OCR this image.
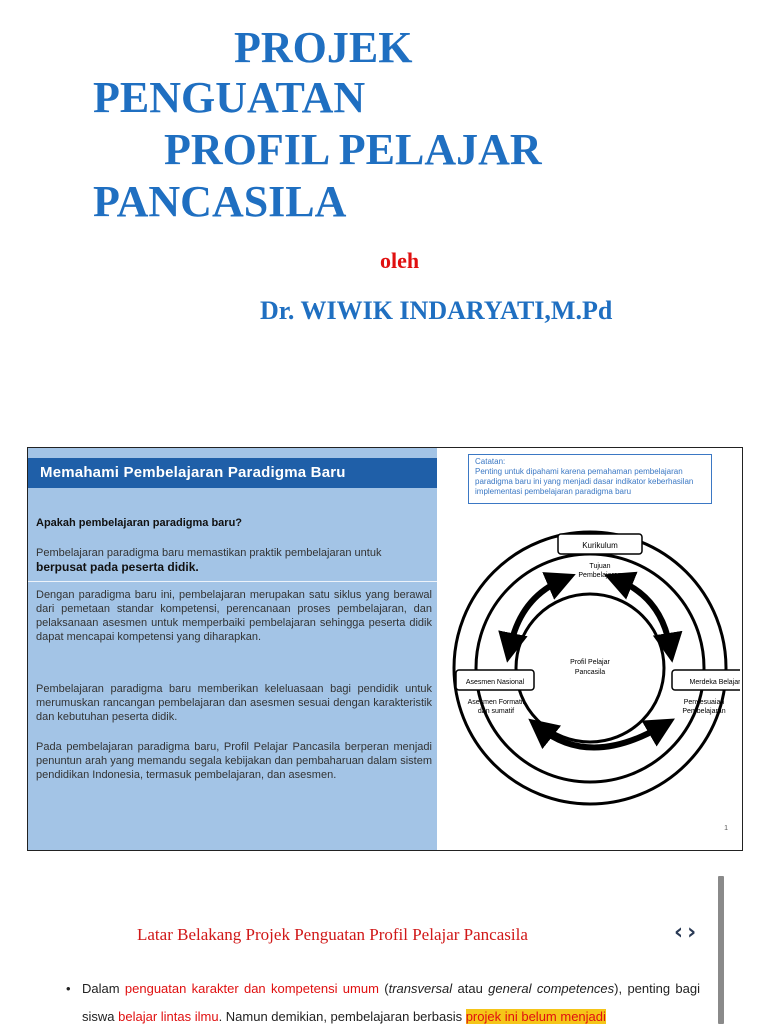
PROJEK
PENGUATAN
PROFIL PELAJAR
PANCASILA
oleh
Dr. WIWIK INDARYATI,M.Pd
Memahami Pembelajaran Paradigma Baru
Apakah pembelajaran paradigma baru?
Pembelajaran paradigma baru memastikan praktik pembelajaran untuk
berpusat pada peserta didik.
Dengan paradigma baru ini, pembelajaran merupakan satu siklus yang berawal dari pemetaan standar kompetensi, perencanaan proses pembelajaran, dan pelaksanaan asesmen untuk memperbaiki pembelajaran sehingga peserta didik dapat mencapai kompetensi yang diharapkan.
Pembelajaran paradigma baru memberikan keleluasaan bagi pendidik untuk merumuskan rancangan pembelajaran dan asesmen sesuai dengan karakteristik dan kebutuhan peserta didik.
Pada pembelajaran paradigma baru, Profil Pelajar Pancasila berperan menjadi penuntun arah yang memandu segala kebijakan dan pembaharuan dalam sistem pendidikan Indonesia, termasuk pembelajaran, dan asesmen.
Catatan:
Penting untuk dipahami karena pemahaman pembelajaran paradigma baru ini yang menjadi dasar indikator keberhasilan implementasi pembelajaran paradigma baru
Kurikulum
Tujuan
Pembelajaran
Profil Pelajar
Pancasila
Asesmen Nasional
Asesmen Formatif
dan sumatif
Merdeka Belajar
Penyesuaian
Pembelajaran
1
Latar Belakang Projek Penguatan Profil Pelajar Pancasila	‹ ›
• Dalam penguatan karakter dan kompetensi umum (transversal atau general competences), penting bagi siswa belajar lintas ilmu. Namun demikian, pembelajaran berbasis projek ini belum menjadi
